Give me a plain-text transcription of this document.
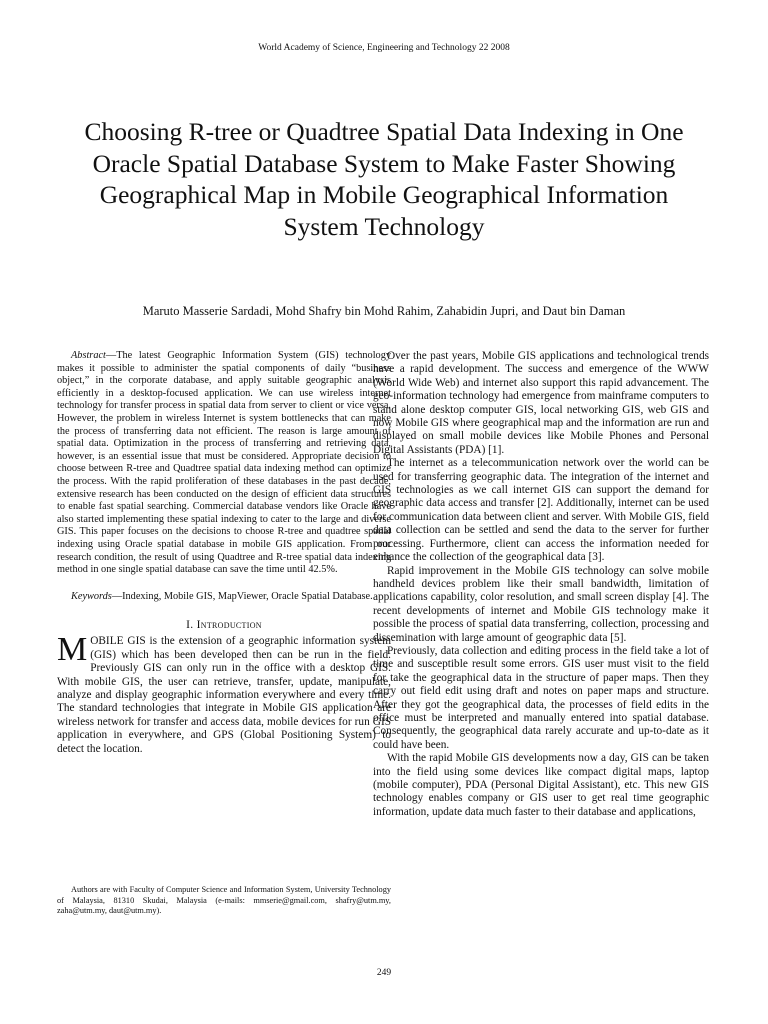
World Academy of Science, Engineering and Technology 22 2008
Choosing R-tree or Quadtree Spatial Data Indexing in One Oracle Spatial Database System to Make Faster Showing Geographical Map in Mobile Geographical Information System Technology
Maruto Masserie Sardadi, Mohd Shafry bin Mohd Rahim, Zahabidin Jupri, and Daut bin Daman

Abstract—The latest Geographic Information System (GIS) technology makes it possible to administer the spatial components of daily “business object,” in the corporate database, and apply suitable geographic analysis efficiently in a desktop-focused application. We can use wireless internet technology for transfer process in spatial data from server to client or vice versa. However, the problem in wireless Internet is system bottlenecks that can make the process of transferring data not efficient. The reason is large amount of spatial data. Optimization in the process of transferring and retrieving data, however, is an essential issue that must be considered. Appropriate decision to choose between R-tree and Quadtree spatial data indexing method can optimize the process. With the rapid proliferation of these databases in the past decade, extensive research has been conducted on the design of efficient data structures to enable fast spatial searching. Commercial database vendors like Oracle have also started implementing these spatial indexing to cater to the large and diverse GIS. This paper focuses on the decisions to choose R-tree and quadtree spatial indexing using Oracle spatial database in mobile GIS application. From our research condition, the result of using Quadtree and R-tree spatial data indexing method in one single spatial database can save the time until 42.5%.

Keywords—Indexing, Mobile GIS, MapViewer, Oracle Spatial Database.

I. Introduction

MOBILE GIS is the extension of a geographic information system (GIS) which has been developed then can be run in the field. Previously GIS can only run in the office with a desktop GIS. With mobile GIS, the user can retrieve, transfer, update, manipulate, analyze and display geographic information everywhere and every time. The standard technologies that integrate in Mobile GIS application are wireless network for transfer and access data, mobile devices for run GIS application in everywhere, and GPS (Global Positioning System) to detect the location.

Authors are with Faculty of Computer Science and Information System, University Technology of Malaysia, 81310 Skudai, Malaysia (e-mails: mmserie@gmail.com, shafry@utm.my, zaha@utm.my, daut@utm.my).

Over the past years, Mobile GIS applications and technological trends have a rapid development. The success and emergence of the WWW (World Wide Web) and internet also support this rapid advancement. The geo-information technology had emergence from mainframe computers to stand alone desktop computer GIS, local networking GIS, web GIS and now Mobile GIS where geographical map and the information are run and displayed on small mobile devices like Mobile Phones and Personal Digital Assistants (PDA) [1].

The internet as a telecommunication network over the world can be used for transferring geographic data. The integration of the internet and GIS technologies as we call internet GIS can support the demand for geographic data access and transfer [2]. Additionally, internet can be used for communication data between client and server. With Mobile GIS, field data collection can be settled and send the data to the server for further processing. Furthermore, client can access the information needed for enhance the collection of the geographical data [3].

Rapid improvement in the Mobile GIS technology can solve mobile handheld devices problem like their small bandwidth, limitation of applications capability, color resolution, and small screen display [4]. The recent developments of internet and Mobile GIS technology make it possible the process of spatial data transferring, collection, processing and dissemination with large amount of geographic data [5].

Previously, data collection and editing process in the field take a lot of time and susceptible result some errors. GIS user must visit to the field for take the geographical data in the structure of paper maps. Then they carry out field edit using draft and notes on paper maps and structure. After they got the geographical data, the processes of field edits in the office must be interpreted and manually entered into spatial database. Consequently, the geographical data rarely accurate and up-to-date as it could have been.

With the rapid Mobile GIS developments now a day, GIS can be taken into the field using some devices like compact digital maps, laptop (mobile computer), PDA (Personal Digital Assistant), etc. This new GIS technology enables company or GIS user to get real time geographic information, update data much faster to their database and applications,

249
